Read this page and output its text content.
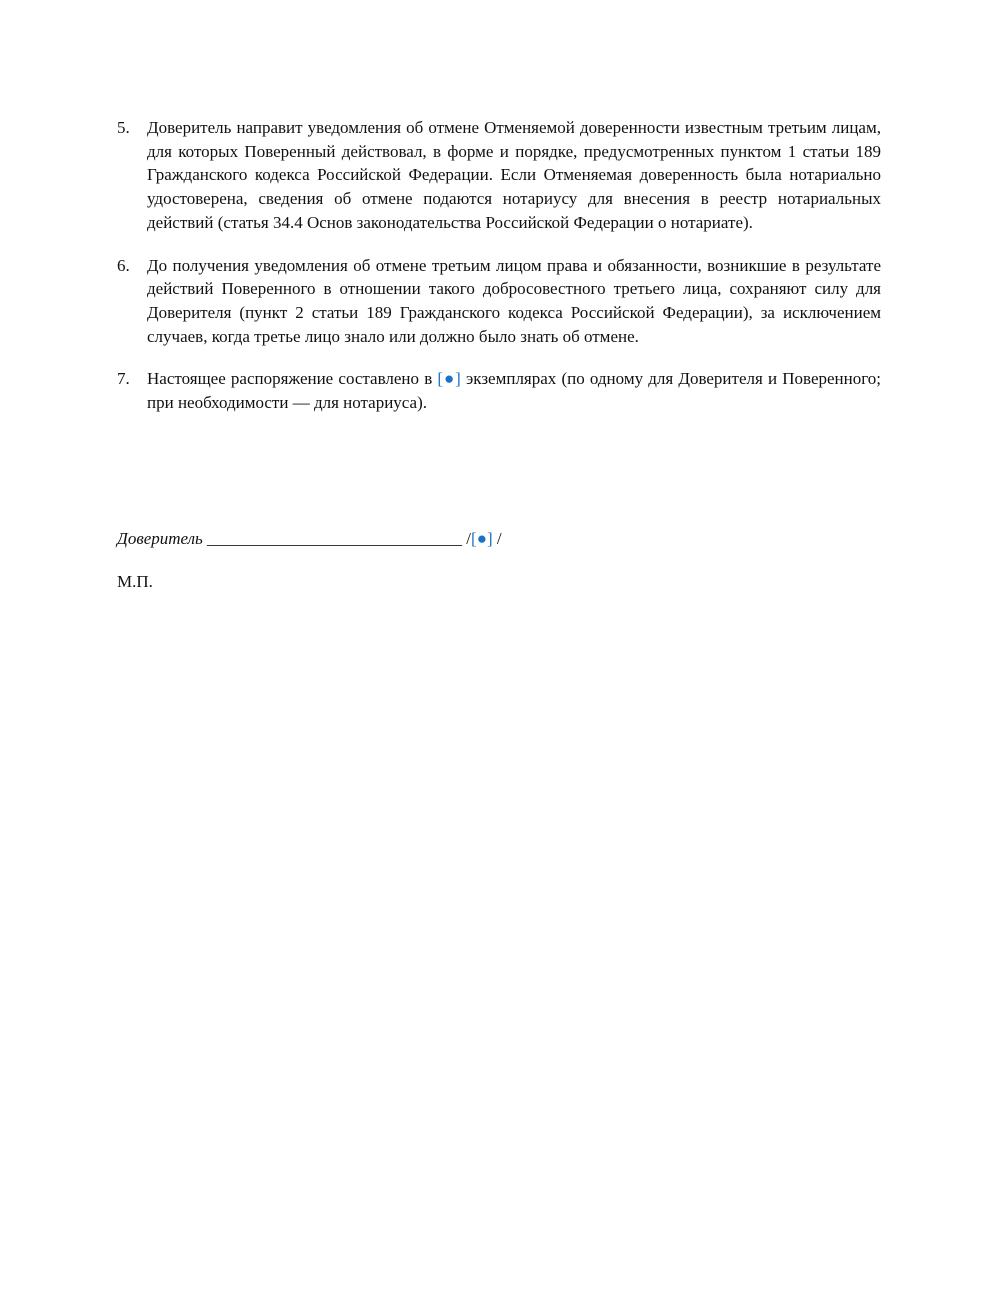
5. Доверитель направит уведомления об отмене Отменяемой доверенности известным третьим лицам, для которых Поверенный действовал, в форме и порядке, предусмотренных пунктом 1 статьи 189 Гражданского кодекса Российской Федерации. Если Отменяемая доверенность была нотариально удостоверена, сведения об отмене подаются нотариусу для внесения в реестр нотариальных действий (статья 34.4 Основ законодательства Российской Федерации о нотариате).
6. До получения уведомления об отмене третьим лицом права и обязанности, возникшие в результате действий Поверенного в отношении такого добросовестного третьего лица, сохраняют силу для Доверителя (пункт 2 статьи 189 Гражданского кодекса Российской Федерации), за исключением случаев, когда третье лицо знало или должно было знать об отмене.
7. Настоящее распоряжение составлено в [●] экземплярах (по одному для Доверителя и Поверенного; при необходимости — для нотариуса).
Доверитель ______________________________ /[●] /
М.П.
